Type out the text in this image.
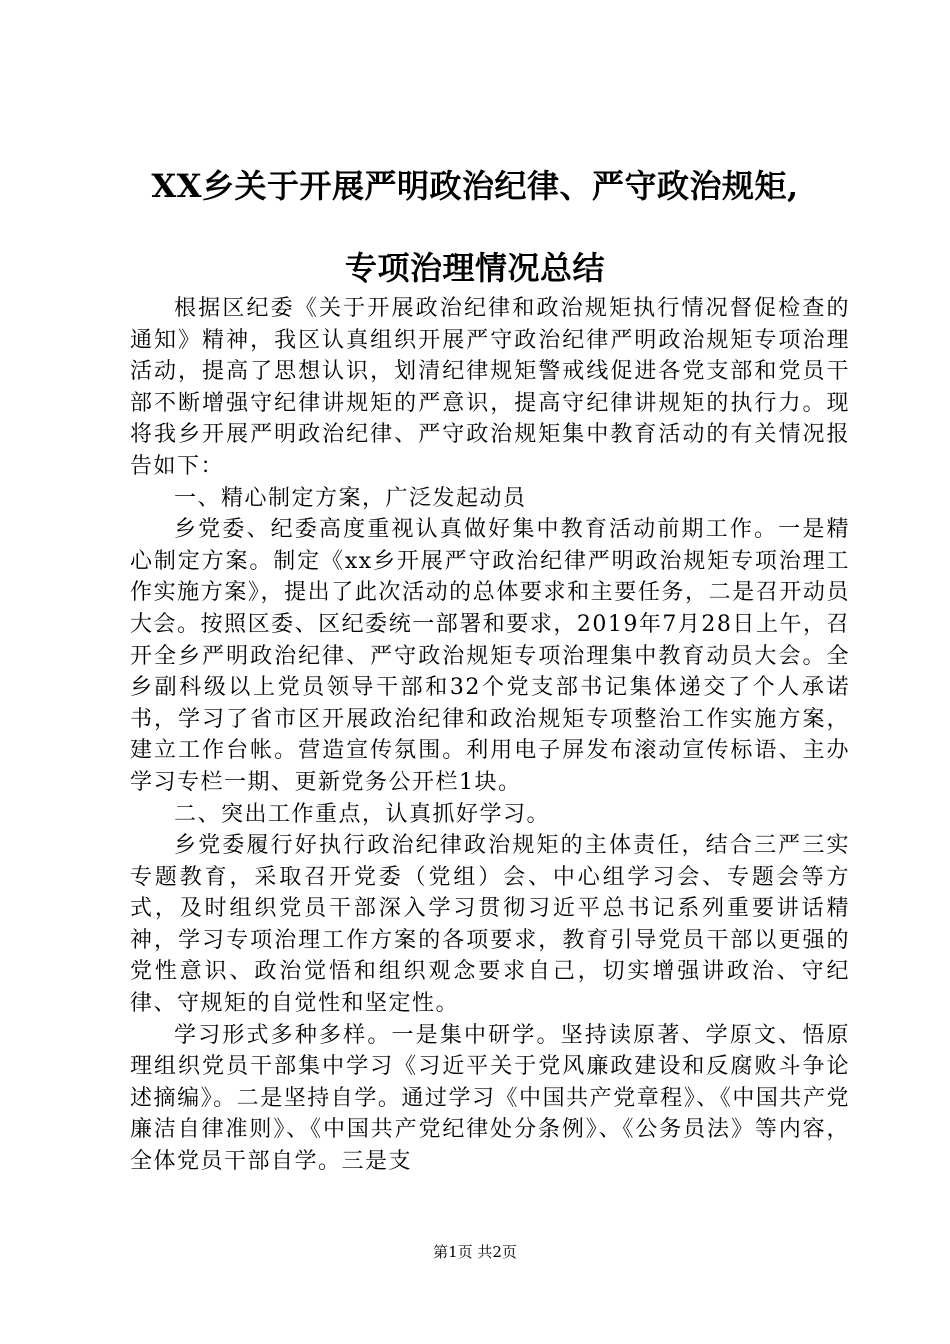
XX乡关于开展严明政治纪律、严守政治规矩,
专项治理情况总结

根据区纪委《关于开展政治纪律和政治规矩执行情况督促检查的通知》精神，我区认真组织开展严守政治纪律严明政治规矩专项治理活动，提高了思想认识，划清纪律规矩警戒线促进各党支部和党员干部不断增强守纪律讲规矩的严意识，提高守纪律讲规矩的执行力。现将我乡开展严明政治纪律、严守政治规矩集中教育活动的有关情况报告如下：

一、精心制定方案，广泛发起动员

乡党委、纪委高度重视认真做好集中教育活动前期工作。一是精心制定方案。制定《xx乡开展严守政治纪律严明政治规矩专项治理工作实施方案》，提出了此次活动的总体要求和主要任务，二是召开动员大会。按照区委、区纪委统一部署和要求，2019年7月28日上午，召开全乡严明政治纪律、严守政治规矩专项治理集中教育动员大会。全乡副科级以上党员领导干部和32个党支部书记集体递交了个人承诺书，学习了省市区开展政治纪律和政治规矩专项整治工作实施方案，建立工作台帐。营造宣传氛围。利用电子屏发布滚动宣传标语、主办学习专栏一期、更新党务公开栏1块。

二、突出工作重点，认真抓好学习。

乡党委履行好执行政治纪律政治规矩的主体责任，结合三严三实专题教育，采取召开党委（党组）会、中心组学习会、专题会等方式，及时组织党员干部深入学习贯彻习近平总书记系列重要讲话精神，学习专项治理工作方案的各项要求，教育引导党员干部以更强的党性意识、政治觉悟和组织观念要求自己，切实增强讲政治、守纪律、守规矩的自觉性和坚定性。

学习形式多种多样。一是集中研学。坚持读原著、学原文、悟原理组织党员干部集中学习《习近平关于党风廉政建设和反腐败斗争论述摘编》。二是坚持自学。通过学习《中国共产党章程》、《中国共产党廉洁自律准则》、《中国共产党纪律处分条例》、《公务员法》等内容，全体党员干部自学。三是支

第1页 共2页
